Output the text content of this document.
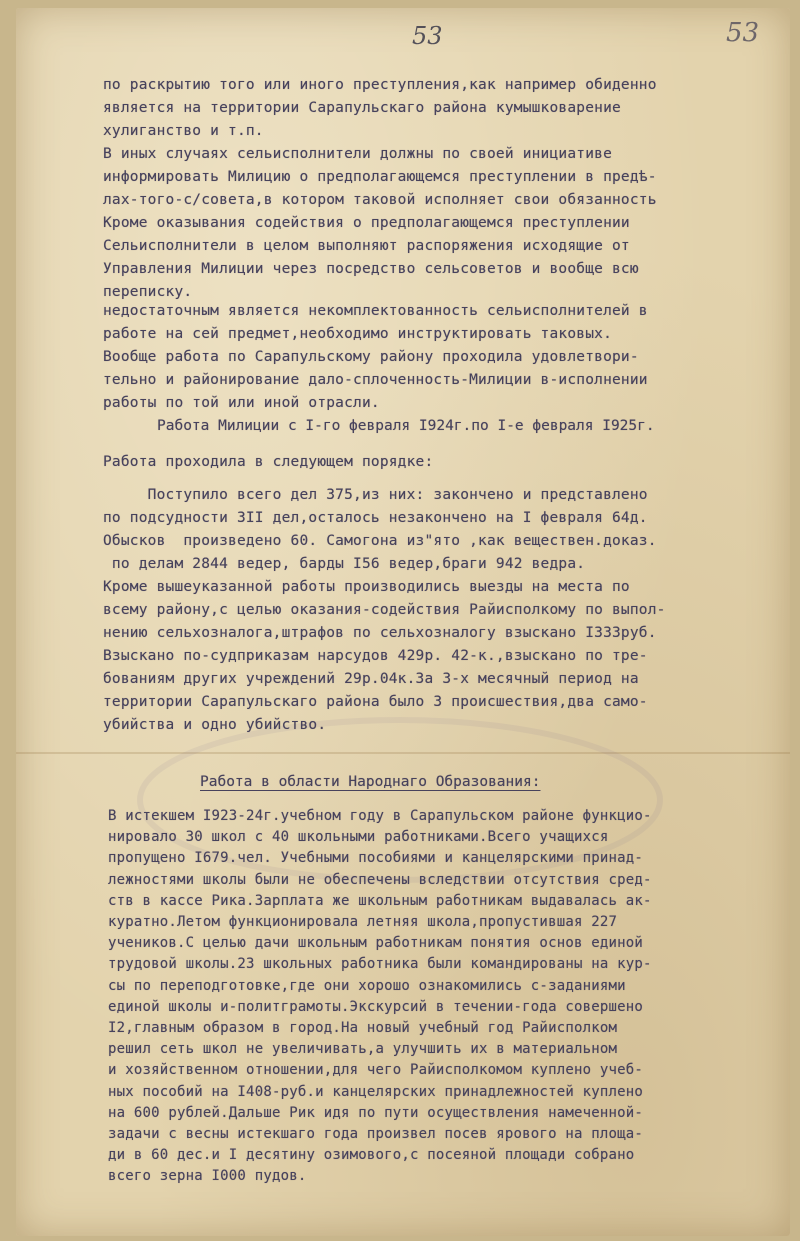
53	53
по раскрытию того или иного преступления,как например обиденно
является на территории Сарапульскаго района кумышковарение
хулиганство и т.п.
В иных случаях сельисполнители должны по своей инициативе
информировать Милицию о предполагающемся преступлении в предѣ-
лах-того-с/совета,в котором таковой исполняет свои обязанность
Кроме оказывания содействия о предполагающемся преступлении
Сельисполнители в целом выполняют распоряжения исходящие от
Управления Милиции через посредство сельсоветов и вообще всю
переписку.
недостаточным является некомплектованность сельисполнителей в
работе на сей предмет,необходимо инструктировать таковых.
Вообще работа по Сарапульскому району проходила удовлетвори-
тельно и районирование дало-сплоченность-Милиции в-исполнении
работы по той или иной отрасли.
Работа Милиции с I-го февраля I924г.по I-е февраля I925г.
Работа проходила в следующем порядке:
Поступило всего дел 375,из них: закончено и представлено
по подсудности 3II дел,осталось незакончено на I февраля 64д.
Обысков  произведено 60. Самогона из"ято ,как веществен.доказ.
по делам 2844 ведер, барды I56 ведер,браги 942 ведра.
Кроме вышеуказанной работы производились выезды на места по
всему району,с целью оказания-содействия Райисполкому по выпол-
нению сельхозналога,штрафов по сельхозналогу взыскано I333руб.
Взыскано по-судприказам нарсудов 429р. 42-к.,взыскано по тре-
бованиям других учреждений 29р.04к.За 3-х месячный период на
территории Сарапульскаго района было 3 происшествия,два само-
убийства и одно убийство.
Работа в области Народнаго Образования:
В истекшем I923-24г.учебном году в Сарапульском районе функцио-
нировало 30 школ с 40 школьными работниками.Всего учащихся
пропущено I679.чел. Учебными пособиями и канцелярскими принад-
лежностями школы были не обеспечены вследствии отсутствия сред-
ств в кассе Рика.Зарплата же школьным работникам выдавалась ак-
куратно.Летом функционировала летняя школа,пропустившая 227
учеников.С целью дачи школьным работникам понятия основ единой
трудовой школы.23 школьных работника были командированы на кур-
сы по переподготовке,где они хорошо ознакомились с-заданиями
единой школы и-политграмоты.Экскурсий в течении-года совершено
I2,главным образом в город.На новый учебный год Райисполком
решил сеть школ не увеличивать,а улучшить их в материальном
и хозяйственном отношении,для чего Райисполкомом куплено учеб-
ных пособий на I408-руб.и канцелярских принадлежностей куплено
на 600 рублей.Дальше Рик идя по пути осуществления намеченной-
задачи с весны истекшаго года произвел посев ярового на площа-
ди в 60 дес.и I десятину озимового,с посеяной площади собрано
всего зерна I000 пудов.
